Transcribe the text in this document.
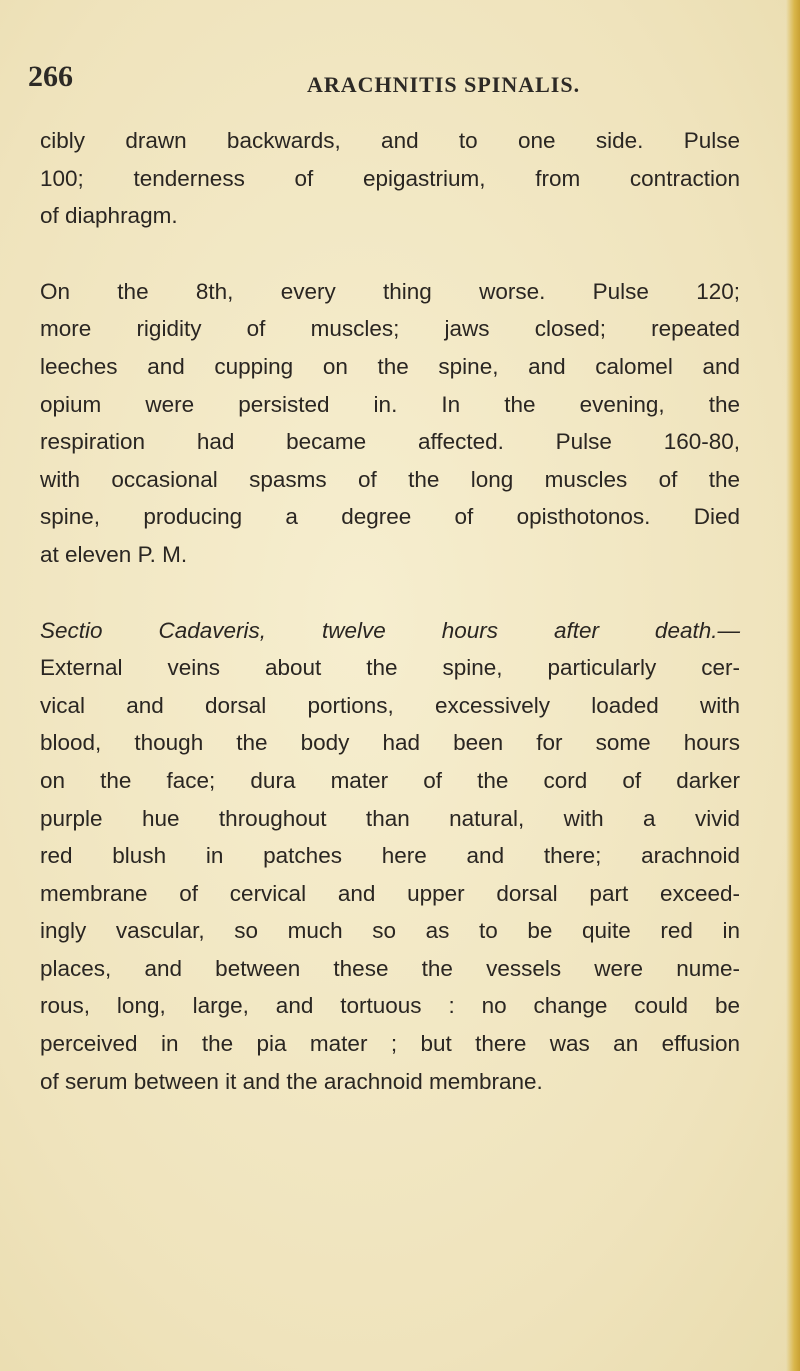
266	ARACHNITIS SPINALIS.
cibly drawn backwards, and to one side. Pulse
100; tenderness of epigastrium, from contraction
of diaphragm.
On the 8th, every thing worse. Pulse 120;
more rigidity of muscles; jaws closed; repeated
leeches and cupping on the spine, and calomel and
opium were persisted in. In the evening, the
respiration had became affected. Pulse 160-80,
with occasional spasms of the long muscles of the
spine, producing a degree of opisthotonos. Died
at eleven P. M.
Sectio Cadaveris, twelve hours after death.—
External veins about the spine, particularly cer-
vical and dorsal portions, excessively loaded with
blood, though the body had been for some hours
on the face; dura mater of the cord of darker
purple hue throughout than natural, with a vivid
red blush in patches here and there; arachnoid
membrane of cervical and upper dorsal part exceed-
ingly vascular, so much so as to be quite red in
places, and between these the vessels were nume-
rous, long, large, and tortuous : no change could be
perceived in the pia mater ; but there was an effusion
of serum between it and the arachnoid membrane.
